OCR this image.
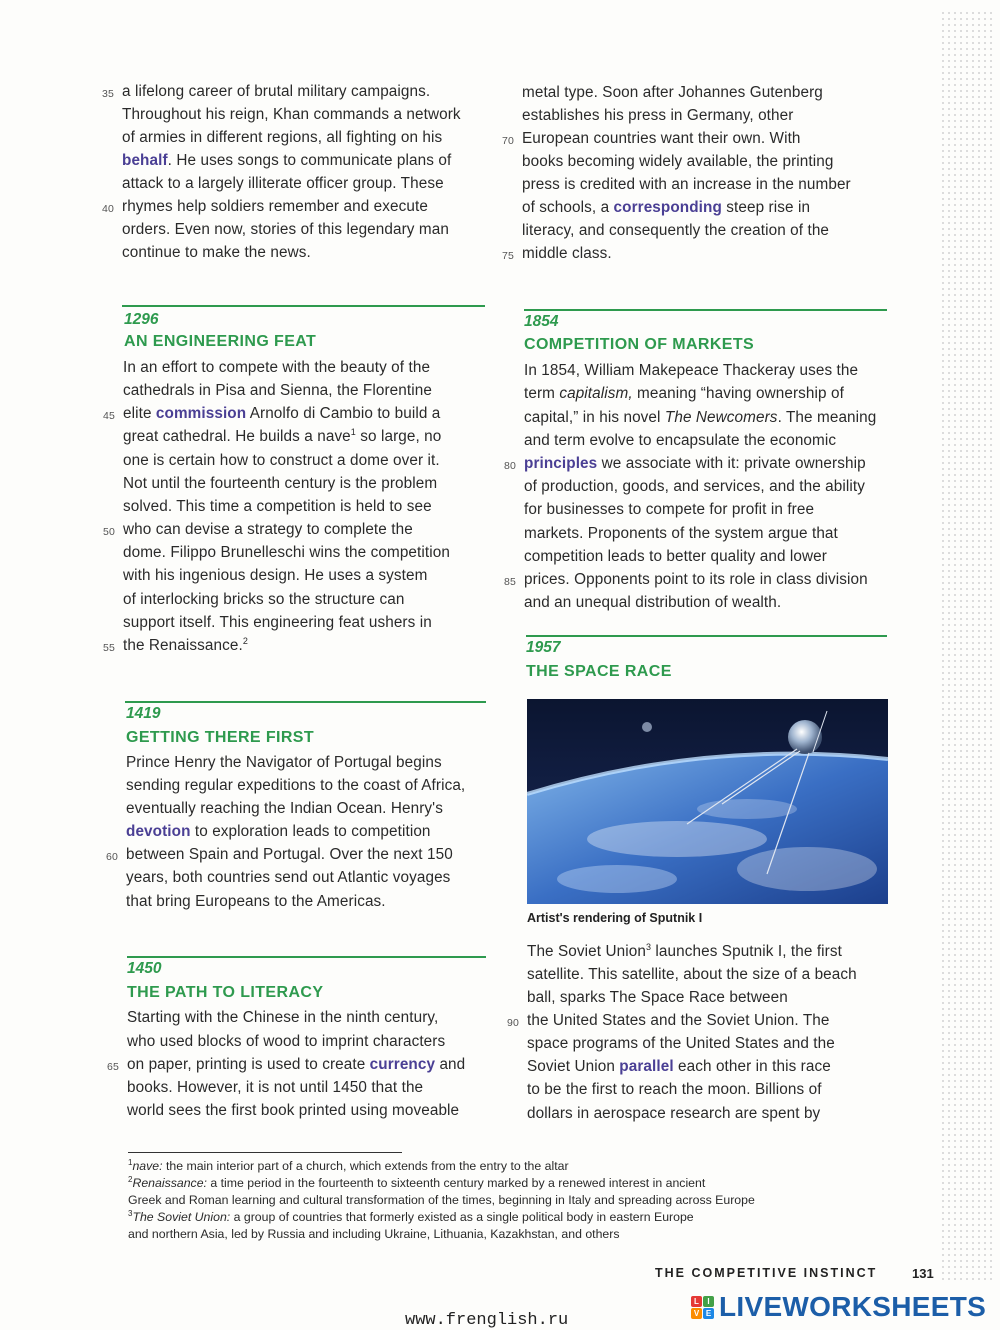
35 a lifelong career of brutal military campaigns.
Throughout his reign, Khan commands a network
of armies in different regions, all fighting on his
behalf. He uses songs to communicate plans of
attack to a largely illiterate officer group. These
40 rhymes help soldiers remember and execute
orders. Even now, stories of this legendary man
continue to make the news.
1296
AN ENGINEERING FEAT
In an effort to compete with the beauty of the
cathedrals in Pisa and Sienna, the Florentine
45 elite commission Arnolfo di Cambio to build a
great cathedral. He builds a nave$^1$ so large, no
one is certain how to construct a dome over it.
Not until the fourteenth century is the problem
solved. This time a competition is held to see
50 who can devise a strategy to complete the
dome. Filippo Brunelleschi wins the competition
with his ingenious design. He uses a system
of interlocking bricks so the structure can
support itself. This engineering feat ushers in
55 the Renaissance.$^2$
1419
GETTING THERE FIRST
Prince Henry the Navigator of Portugal begins
sending regular expeditions to the coast of Africa,
eventually reaching the Indian Ocean. Henry's
devotion to exploration leads to competition
60 between Spain and Portugal. Over the next 150
years, both countries send out Atlantic voyages
that bring Europeans to the Americas.
1450
THE PATH TO LITERACY
Starting with the Chinese in the ninth century,
who used blocks of wood to imprint characters
65 on paper, printing is used to create currency and
books. However, it is not until 1450 that the
world sees the first book printed using moveable
metal type. Soon after Johannes Gutenberg
establishes his press in Germany, other
70 European countries want their own. With
books becoming widely available, the printing
press is credited with an increase in the number
of schools, a corresponding steep rise in
literacy, and consequently the creation of the
75 middle class.
1854
COMPETITION OF MARKETS
In 1854, William Makepeace Thackeray uses the
term capitalism, meaning “having ownership of
capital,” in his novel The Newcomers. The meaning
and term evolve to encapsulate the economic
80 principles we associate with it: private ownership
of production, goods, and services, and the ability
for businesses to compete for profit in free
markets. Proponents of the system argue that
competition leads to better quality and lower
85 prices. Opponents point to its role in class division
and an unequal distribution of wealth.
1957
THE SPACE RACE
Artist's rendering of Sputnik I
The Soviet Union$^3$ launches Sputnik I, the first
satellite. This satellite, about the size of a beach
ball, sparks The Space Race between
90 the United States and the Soviet Union. The
space programs of the United States and the
Soviet Union parallel each other in this race
to be the first to reach the moon. Billions of
dollars in aerospace research are spent by
$^1$nave: the main interior part of a church, which extends from the entry to the altar
$^2$Renaissance: a time period in the fourteenth to sixteenth century marked by a renewed interest in ancient
Greek and Roman learning and cultural transformation of the times, beginning in Italy and spreading across Europe
$^3$The Soviet Union: a group of countries that formerly existed as a single political body in eastern Europe
and northern Asia, led by Russia and including Ukraine, Lithuania, Kazakhstan, and others
THE COMPETITIVE INSTINCT	131
L	I
V E LIVEWORKSHEETS
www.frenglish.ru
